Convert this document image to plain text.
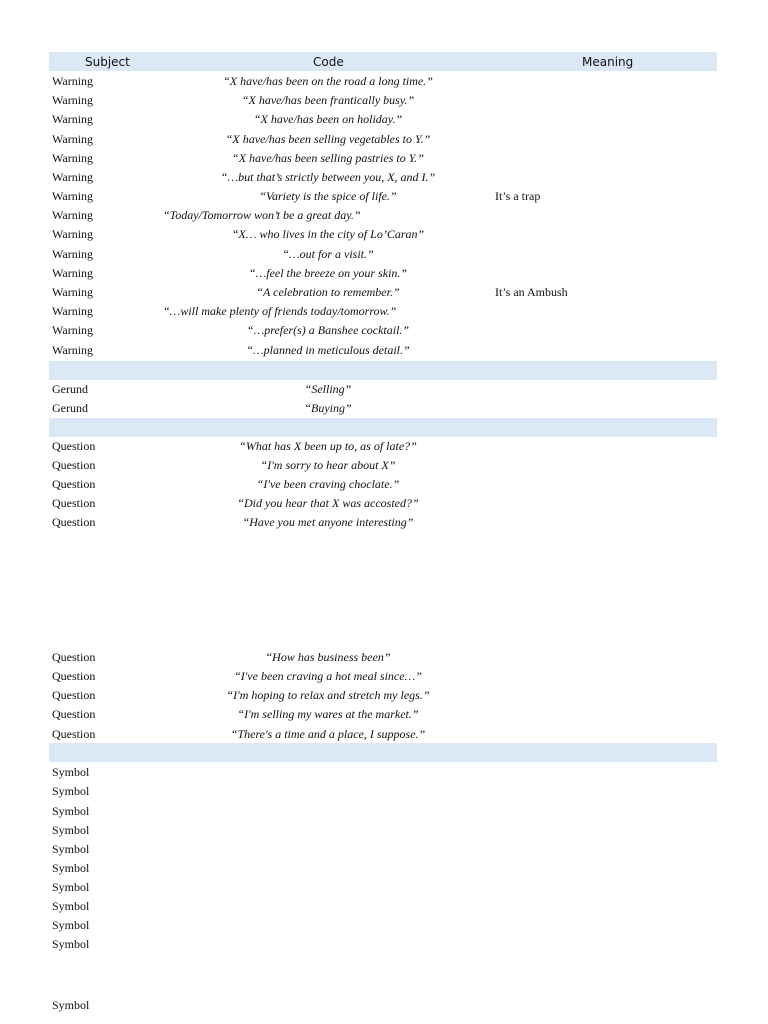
Subject	Code	Meaning
Warning	“X have/has been on the road a long time.”
Warning	“X have/has been frantically busy.”
Warning	“X have/has been on holiday.”
Warning	“X have/has been selling vegetables to Y.”
Warning	“X have/has been selling pastries to Y.”
Warning	“…but that’s strictly between you, X, and I.”
Warning	“Variety is the spice of life.”	It’s a trap
Warning	“Today/Tomorrow won’t be a great day.”
Warning	“X… who lives in the city of Lo’Caran”
Warning	“…out for a visit.”
Warning	“…feel the breeze on your skin.”
Warning	“A celebration to remember.”	It’s an Ambush
Warning	“…will make plenty of friends today/tomorrow.”
Warning	“…prefer(s) a Banshee cocktail.”
Warning	“…planned in meticulous detail.”
Gerund	“Selling”
Gerund	“Buying”
Question	“What has X been up to, as of late?”
Question	“I'm sorry to hear about X”
Question	“I've been craving choclate.”
Question	“Did you hear that X was accosted?”
Question	“Have you met anyone interesting”
Question	“How has business been”
Question	“I've been craving a hot meal since…”
Question	“I'm hoping to relax and stretch my legs.”
Question	“I'm selling my wares at the market.”
Question	“There's a time and a place, I suppose.”
Symbol
Symbol
Symbol
Symbol
Symbol
Symbol
Symbol
Symbol
Symbol
Symbol
Symbol
